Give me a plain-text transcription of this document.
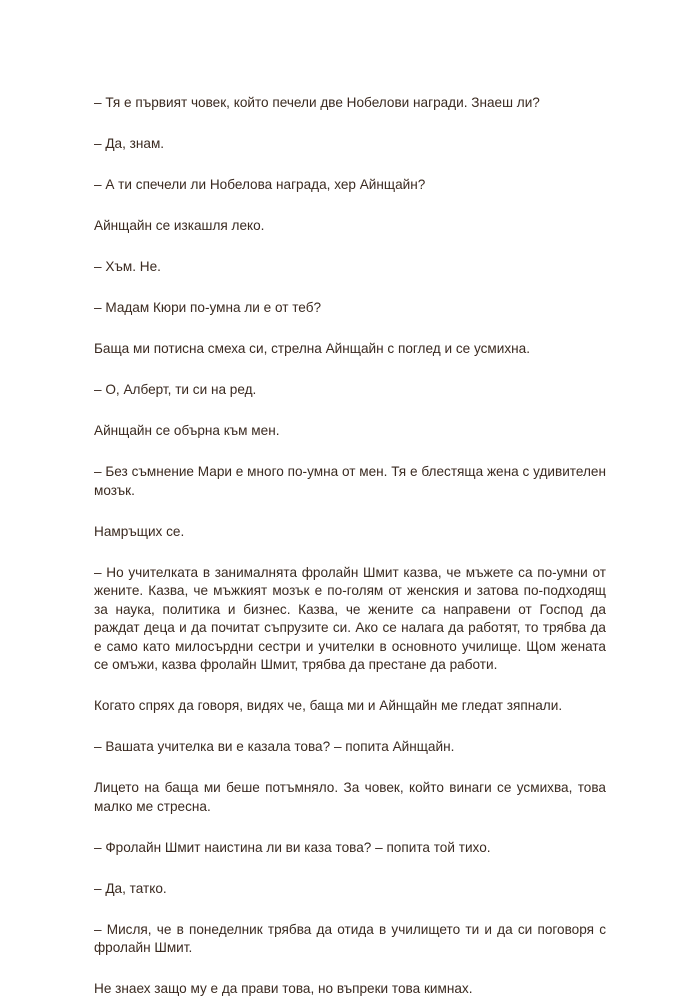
– Тя е първият човек, който печели две Нобелови награди. Знаеш ли?

– Да, знам.

– А ти спечели ли Нобелова награда, хер Айнщайн?

Айнщайн се изкашля леко.

– Хъм. Не.

– Мадам Кюри по-умна ли е от теб?

Баща ми потисна смеха си, стрелна Айнщайн с поглед и се усмихна.

– О, Алберт, ти си на ред.

Айнщайн се обърна към мен.

– Без съмнение Мари е много по-умна от мен. Тя е блестяща жена с удивителен мозък.

Намръщих се.

– Но учителката в занималнята фролайн Шмит казва, че мъжете са по-умни от жените. Казва, че мъжкият мозък е по-голям от женския и затова по-подходящ за наука, политика и бизнес. Казва, че жените са направени от Господ да раждат деца и да почитат съпрузите си. Ако се налага да работят, то трябва да е само като милосърдни сестри и учителки в основното училище. Щом жената се омъжи, казва фролайн Шмит, трябва да престане да работи.

Когато спрях да говоря, видях че, баща ми и Айнщайн ме гледат зяпнали.

– Вашата учителка ви е казала това? – попита Айнщайн.

Лицето на баща ми беше потъмняло. За човек, който винаги се усмихва, това малко ме стресна.

– Фролайн Шмит наистина ли ви каза това? – попита той тихо.

– Да, татко.

– Мисля, че в понеделник трябва да отида в училището ти и да си поговоря с фролайн Шмит.

Не знаех защо му е да прави това, но въпреки това кимнах.
